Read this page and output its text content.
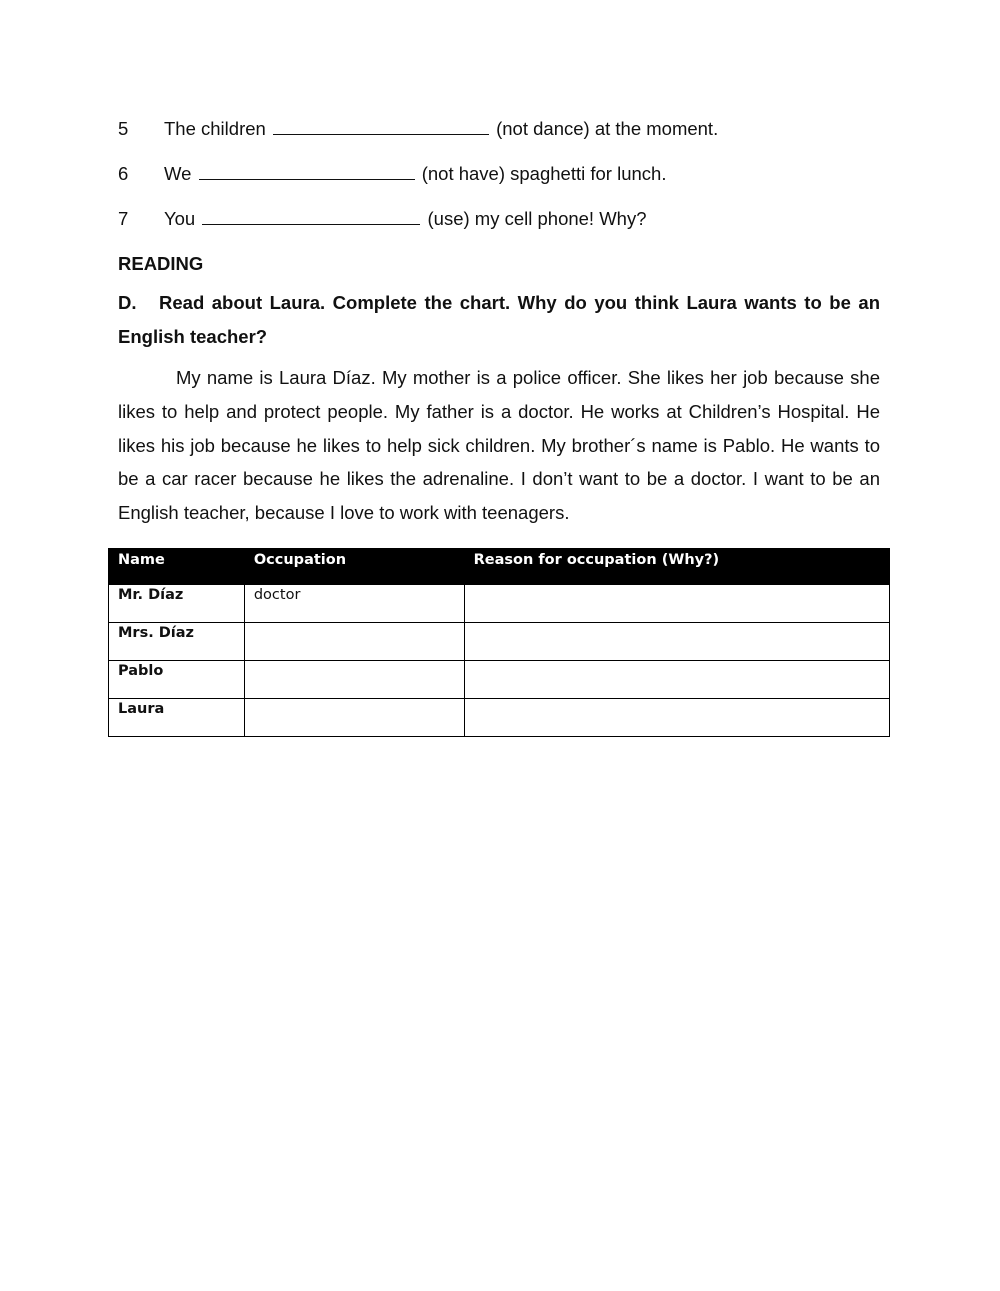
5 The children	(not dance) at the moment.
6 We	(not have) spaghetti for lunch.
7 You	(use) my cell phone! Why?
READING
D. Read about Laura. Complete the chart. Why do you think Laura wants to be an English teacher?
My name is Laura Díaz. My mother is a police officer. She likes her job because she likes to help and protect people. My father is a doctor. He works at Children’s Hospital. He likes his job because he likes to help sick children. My brother´s name is Pablo. He wants to be a car racer because he likes the adrenaline. I don’t want to be a doctor. I want to be an English teacher, because I love to work with teenagers.
Name	Occupation	Reason for occupation (Why?)
Mr. Díaz	doctor	
Mrs. Díaz		
Pablo		
Laura		
